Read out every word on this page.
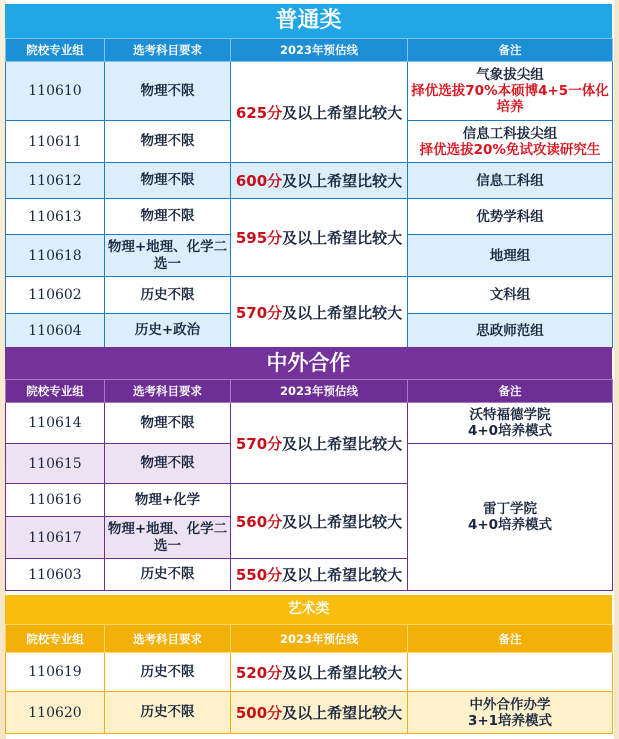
普通类
院校专业组	选考科目要求	2023年预估线	备注
110610	物理不限	625分及以上希望比较大	气象拔尖组
择优选拔70%本硕博4+5一体化培养

110611	物理不限		信息工科拔尖组
择优选拔20%免试攻读研究生

110612	物理不限	600分及以上希望比较大	信息工科组
110613	物理不限	595分及以上希望比较大	优势学科组
110618	物理+地理、化学二选一		地理组
110602	历史不限	570分及以上希望比较大	文科组
110604	历史+政治		思政师范组
中外合作
院校专业组	选考科目要求	2023年预估线	备注
110614	物理不限	570分及以上希望比较大	沃特福德学院
4+0培养模式

110615	物理不限		雷丁学院
4+0培养模式

110616	物理+化学	560分及以上希望比较大	
110617	物理+地理、化学二选一		
110603	历史不限	550分及以上希望比较大	
艺术类
院校专业组	选考科目要求	2023年预估线	备注
110619	历史不限	520分及以上希望比较大	

110620	历史不限	500分及以上希望比较大	中外合作办学
3+1培养模式
